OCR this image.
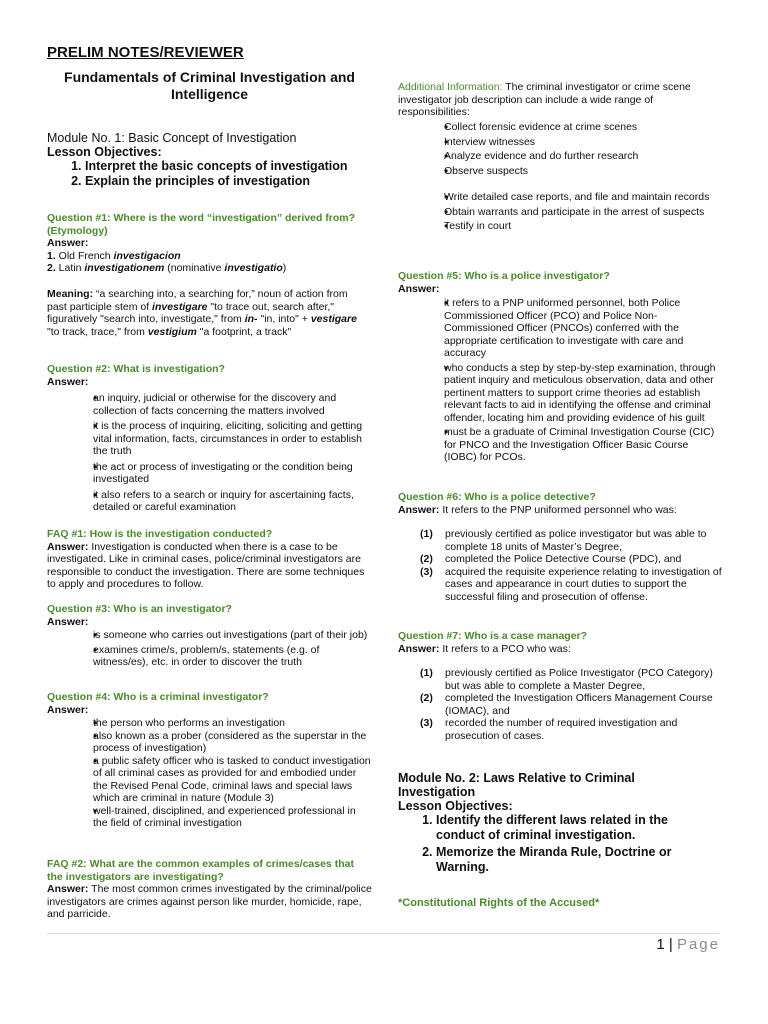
PRELIM NOTES/REVIEWER
Fundamentals of Criminal Investigation and Intelligence
Module No. 1: Basic Concept of Investigation
Lesson Objectives:
1. Interpret the basic concepts of investigation
2. Explain the principles of investigation
Question #1: Where is the word “investigation” derived from? (Etymology)
Answer:
1. Old French investigacion
2. Latin investigationem (nominative investigatio)
Meaning: “a searching into, a searching for,” noun of action from past participle stem of investigare "to trace out, search after," figuratively "search into, investigate," from in- "in, into" + vestigare "to track, trace," from vestigium "a footprint, a track"
Question #2: What is investigation?
Answer:
• an inquiry, judicial or otherwise for the discovery and collection of facts concerning the matters involved
• it is the process of inquiring, eliciting, soliciting and getting vital information, facts, circumstances in order to establish the truth
• the act or process of investigating or the condition being investigated
• it also refers to a search or inquiry for ascertaining facts, detailed or careful examination
FAQ #1: How is the investigation conducted?
Answer: Investigation is conducted when there is a case to be investigated. Like in criminal cases, police/criminal investigators are responsible to conduct the investigation. There are some techniques to apply and procedures to follow.
Question #3: Who is an investigator?
Answer:
• is someone who carries out investigations (part of their job)
• examines crime/s, problem/s, statements (e.g. of witness/es), etc. in order to discover the truth
Question #4: Who is a criminal investigator?
Answer:
• the person who performs an investigation
• also known as a prober (considered as the superstar in the process of investigation)
• a public safety officer who is tasked to conduct investigation of all criminal cases as provided for and embodied under the Revised Penal Code, criminal laws and special laws which are criminal in nature (Module 3)
• well-trained, disciplined, and experienced professional in the field of criminal investigation
FAQ #2: What are the common examples of crimes/cases that the investigators are investigating?
Answer: The most common crimes investigated by the criminal/police investigators are crimes against person like murder, homicide, rape, and parricide.
Additional Information: The criminal investigator or crime scene investigator job description can include a wide range of responsibilities:
• Collect forensic evidence at crime scenes
• Interview witnesses
• Analyze evidence and do further research
• Observe suspects
• Write detailed case reports, and file and maintain records
• Obtain warrants and participate in the arrest of suspects
• Testify in court
Question #5: Who is a police investigator?
Answer:
• it refers to a PNP uniformed personnel, both Police Commissioned Officer (PCO) and Police Non-Commissioned Officer (PNCOs) conferred with the appropriate certification to investigate with care and accuracy
• who conducts a step by step-by-step examination, through patient inquiry and meticulous observation, data and other pertinent matters to support crime theories ad establish relevant facts to aid in identifying the offense and criminal offender, locating him and providing evidence of his guilt
• must be a graduate of Criminal Investigation Course (CIC) for PNCO and the Investigation Officer Basic Course (IOBC) for PCOs.
Question #6: Who is a police detective?
Answer: It refers to the PNP uniformed personnel who was:
(1) previously certified as police investigator but was able to complete 18 units of Master’s Degree,
(2) completed the Police Detective Course (PDC), and
(3) acquired the requisite experience relating to investigation of cases and appearance in court duties to support the successful filing and prosecution of offense.
Question #7: Who is a case manager?
Answer: It refers to a PCO who was:
(1) previously certified as Police Investigator (PCO Category) but was able to complete a Master Degree,
(2) completed the Investigation Officers Management Course (IOMAC), and
(3) recorded the number of required investigation and prosecution of cases.
Module No. 2: Laws Relative to Criminal Investigation
Lesson Objectives:
1. Identify the different laws related in the conduct of criminal investigation.
2. Memorize the Miranda Rule, Doctrine or Warning.
*Constitutional Rights of the Accused*
1 | Page
